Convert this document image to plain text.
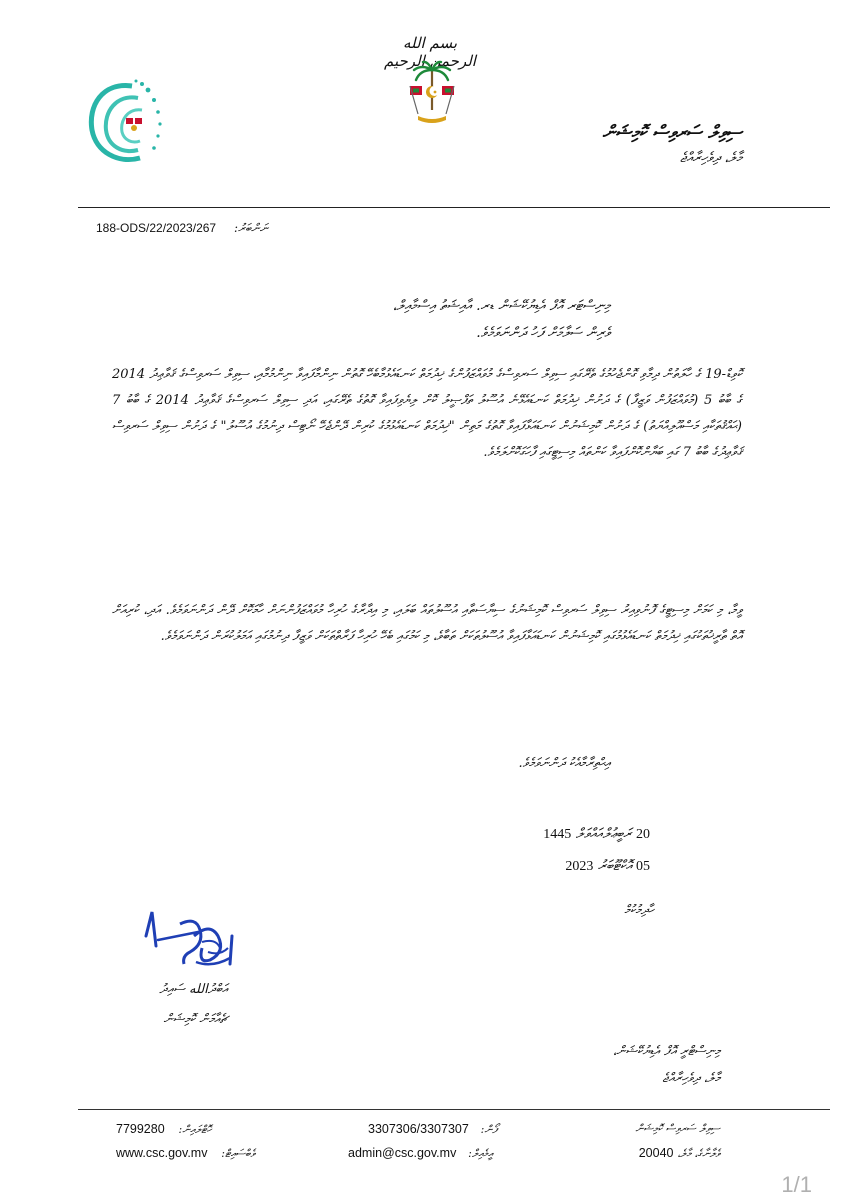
بسم الله الرحمن الرحيم
ސިވިލް ސަރވިސް ކޮމިޝަން
މާލެ، ދިވެހިރާއްޖެ
188-ODS/22/2023/267 ނަންބަރު:
މިނިސްޓަރ އޮފް އެޑިޔުކޭޝަން ޑރ. އާއިޝަތު އިސްމާއިލް،
ވެރިން ސަލާމަށް ފަހު ދަންނަވަމެވެ.
ކޮވިޑް-19 ގެ ހާލަތުން ދިމާވި ގޮންޖެހުމުގެ ތެރޭގައި ސިވިލް ސަރވިސްގެ މުވައްޒަފުންގެ ޚިދުމަތް ކަނޑައެޅުމާބެހޭ ގޮތުން ނިންމާފައިވާ ނިންމުމާއި، ސިވިލް ސަރވިސްގެ ޤަވާޢިދު 2014 ގެ ބާބު 5 (މުވައްޒަފުން ވަޒީފާ) ގެ ދަށުން ޚިދުމަތް ކަނޑައެޅޭނެ އުސޫލު ތަފްޞީލު ކޮށް ލިޔެވިފައިވާ ގޮތުގެ ތެރޭގައި، އަދި ސިވިލް ސަރވިސްގެ ޤަވާޢިދު 2014 ގެ ބާބު 7 (ޙައްޤުތަކާއި މަސްއޫލިއްޔަތު) ގެ ދަށުން ކޮމިޝަނުން ކަނޑައަޅާފައިވާ ގޮތުގެ މަތިން "ޚިދުމަތް ކަނޑައެޅުމުގެ ކުރިން ދޭންޖެހޭ ނޯޓިސް ދިނުމުގެ އުސޫލު" ގެ ދަށުން ސިވިލް ސަރވިސް ޤަވާޢިދުގެ ބާބު 7 ގައި ބަޔާންކޮށްފައިވާ ކަންތައް މިސިޓީގައި ފާހަގަކޮށްލަމެވެ.
ވީމާ، މި ކަމަށް މިސިޓީގެ ފޮނުވިއިރު ސިވިލް ސަރވިސް ކޮމިޝަނުގެ ސިޔާސަތާއި އުސޫލުތައް ބަލައި، މި އިދާރާގެ ހުރިހާ މުވައްޒަފުންނަށް ހާމަކޮށް ދޭން ދަންނަވަމެވެ. އަދި، ކުރިއަށް އޮތް ތާރީޚުތަކުގައި ޚިދުމަތް ކަނޑައެޅުމުގައި ކޮމިޝަނުން ކަނޑައަޅާފައިވާ އުސޫލުތަކަށް ތަބާވެ، މި ކަމުގައި ބެހޭ ހުރިހާ ފަރާތްތަކަށް ވަޒީފާ ދިނުމުގައި އަމަލުކުރަން ދަންނަވަމެވެ.
އިޙްތިރާމާއެކު ދަންނަވަމެވެ.
20 ރަބީޢުލްއައްވަލް 1445
05 އޮކްޓޫބަރު 2023
ހާދިމުކުމް
އަބްދުالله ސައިދު
ޗެއާމަން ކޮމިޝަން
މިނިސްޓްރީ އޮފް އެޑިޔުކޭޝަން،
މާލެ، ދިވެހިރާއްޖެ
ސިވިލް ސަރވިސް ކޮމިޝަން
ވެލާނާގެ، މާލެ، 20040
3307306/3307307 ފޯން:
admin@csc.gov.mv އީމެއިލް:
7799280 ހޮޓްލައިން:
www.csc.gov.mv ވެބްސައިޓް:
1/1
